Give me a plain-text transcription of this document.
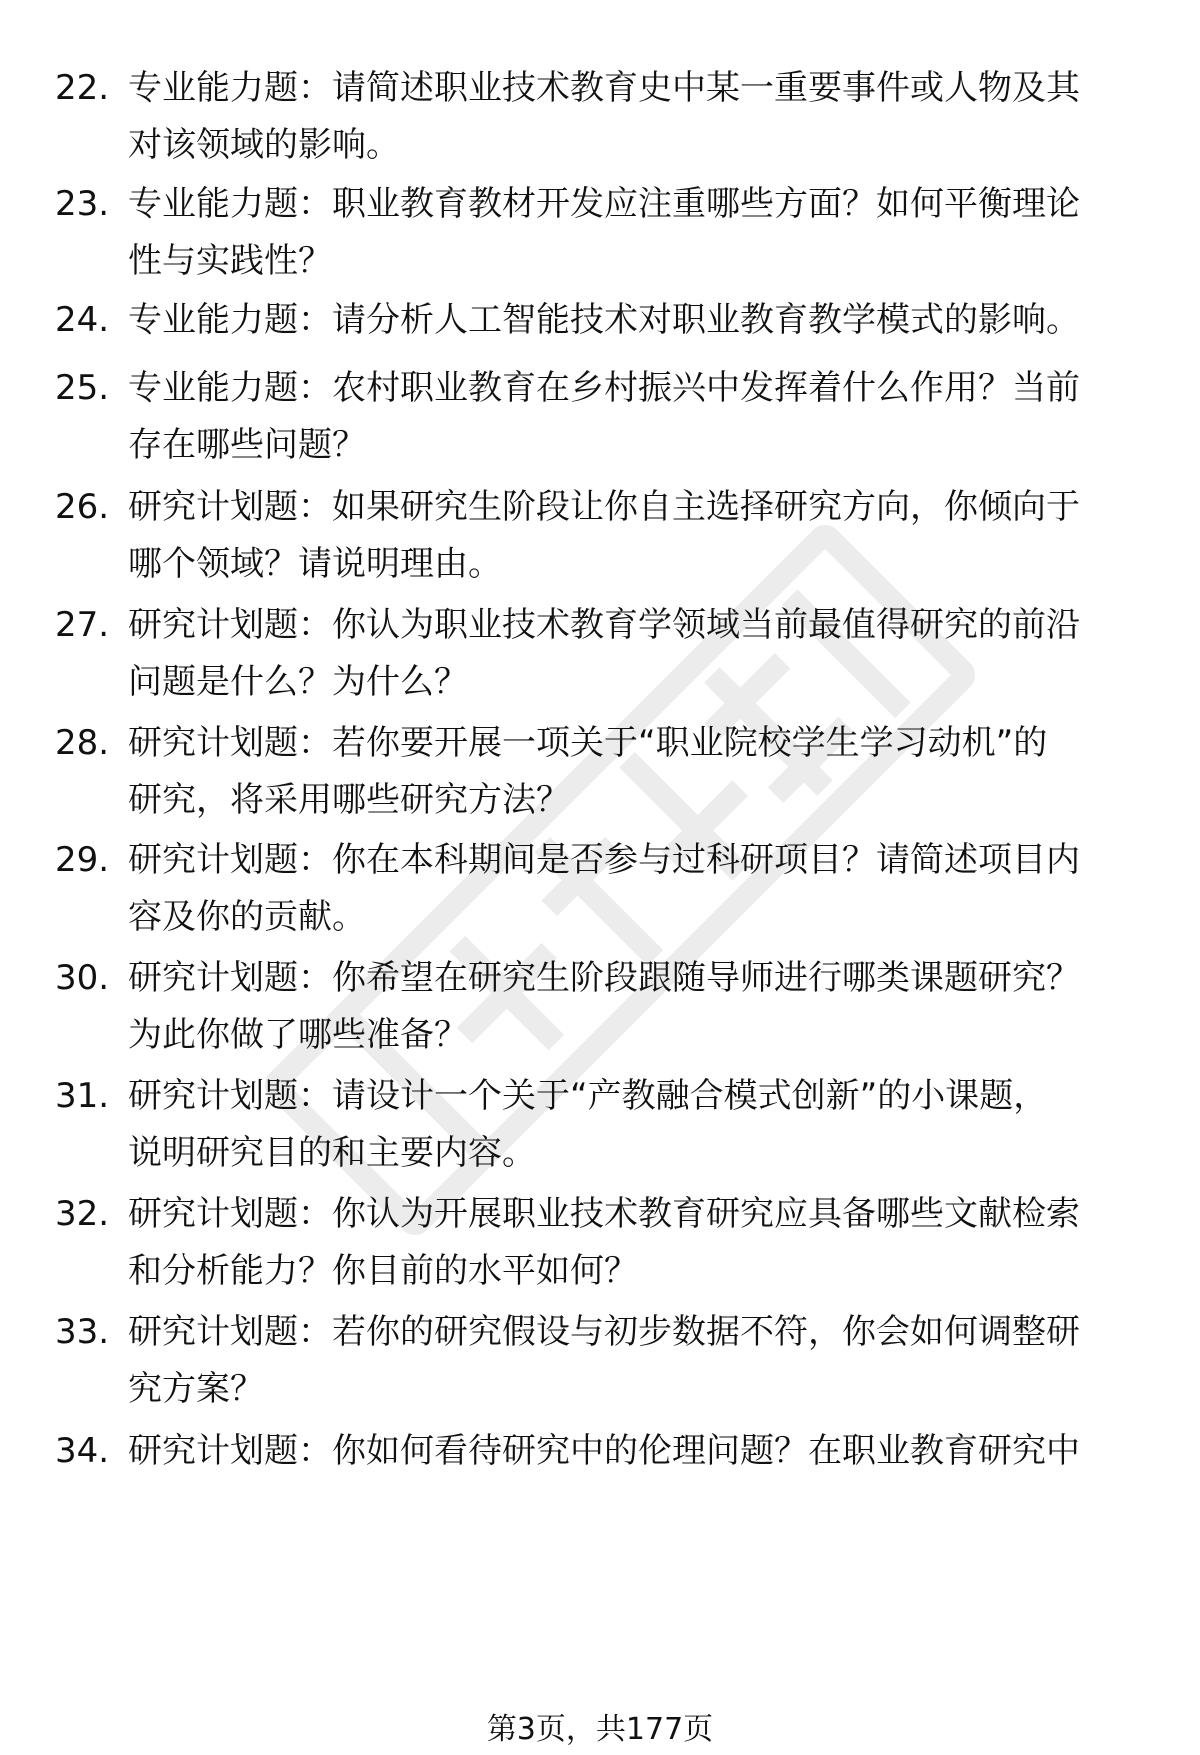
22. 专业能力题：请简述职业技术教育史中某一重要事件或人物及其
对该领域的影响。
23. 专业能力题：职业教育教材开发应注重哪些方面？如何平衡理论
性与实践性？
24. 专业能力题：请分析人工智能技术对职业教育教学模式的影响。
25. 专业能力题：农村职业教育在乡村振兴中发挥着什么作用？当前
存在哪些问题？
26. 研究计划题：如果研究生阶段让你自主选择研究方向，你倾向于
哪个领域？请说明理由。
27. 研究计划题：你认为职业技术教育学领域当前最值得研究的前沿
问题是什么？为什么？
28. 研究计划题：若你要开展一项关于“职业院校学生学习动机”的
研究，将采用哪些研究方法？
29. 研究计划题：你在本科期间是否参与过科研项目？请简述项目内
容及你的贡献。
30. 研究计划题：你希望在研究生阶段跟随导师进行哪类课题研究？
为此你做了哪些准备？
31. 研究计划题：请设计一个关于“产教融合模式创新”的小课题，
说明研究目的和主要内容。
32. 研究计划题：你认为开展职业技术教育研究应具备哪些文献检索
和分析能力？你目前的水平如何？
33. 研究计划题：若你的研究假设与初步数据不符，你会如何调整研
究方案？
34. 研究计划题：你如何看待研究中的伦理问题？在职业教育研究中
第3页，共177页
